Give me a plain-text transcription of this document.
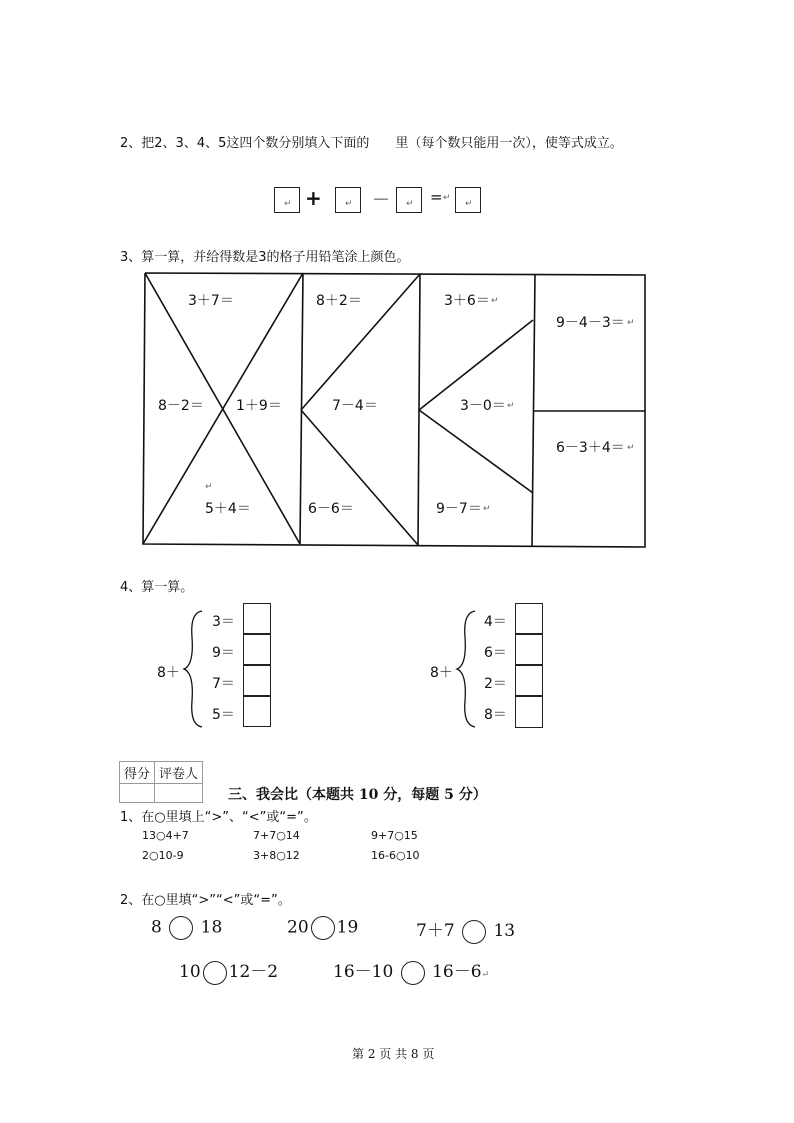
2、把2、3、4、5这四个数分别填入下面的　　里（每个数只能用一次），使等式成立。
↵ +	↵ － ↵ = ↵
↵
3、算一算，并给得数是3的格子用铅笔涂上颜色。
3＋7＝	8＋2＝	3＋6＝ ↵
9－4－3＝ ↵
8－2＝ 1＋9＝	7－4＝	3－0＝ ↵
6－3＋4＝ ↵
↵
5＋4＝	6－6＝	9－7＝ ↵
4、算一算。
8＋
3＝
9＝
7＝
5＝
8＋
4＝
6＝
2＝
8＝
得分	评卷人

三、我会比（本题共 10 分，每题 5 分）
1、在○里填上“>”、“<”或“=”。
13○4+7	7+7○14	9+7○15
2○10-9	3+8○12	16-6○10
2、在○里填“>”“<”或“=”。
8 18	20 19	7＋7 13
10 12－2	16－10 16－6↵
第 2 页 共 8 页
